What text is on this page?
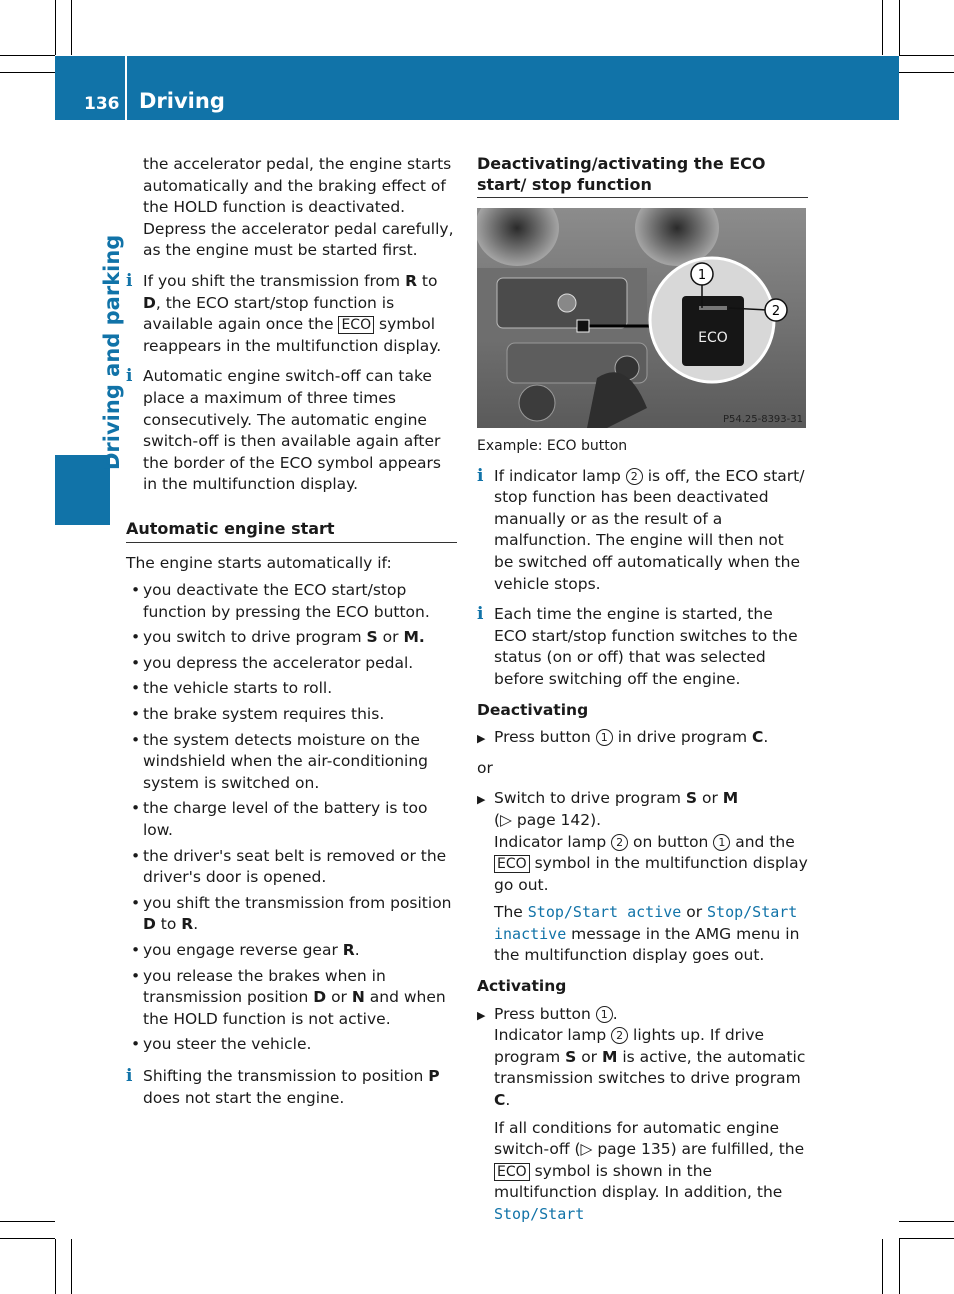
136 Driving
Driving and parking

the accelerator pedal, the engine starts automatically and the braking effect of the HOLD function is deactivated. Depress the accelerator pedal carefully, as the engine must be started first.

i If you shift the transmission from R to D, the ECO start/stop function is available again once the ECO symbol reappears in the multifunction display.
i Automatic engine switch-off can take place a maximum of three times consecutively. The automatic engine switch-off is then available again after the border of the ECO symbol appears in the multifunction display.
Automatic engine start

The engine starts automatically if:

• you deactivate the ECO start/stop function by pressing the ECO button.
• you switch to drive program S or M.
• you depress the accelerator pedal.
• the vehicle starts to roll.
• the brake system requires this.
• the system detects moisture on the windshield when the air-conditioning system is switched on.
• the charge level of the battery is too low.
• the driver's seat belt is removed or the driver's door is opened.
• you shift the transmission from position D to R.
• you engage reverse gear R.
• you release the brakes when in transmission position D or N and when the HOLD function is not active.
• you steer the vehicle.
i Shifting the transmission to position P does not start the engine.
Deactivating/activating the ECO start/ stop function
ECO
1
2
P54.25-8393-31

Example: ECO button

i If indicator lamp 2 is off, the ECO start/ stop function has been deactivated manually or as the result of a malfunction. The engine will then not be switched off automatically when the vehicle stops.
i Each time the engine is started, the ECO start/stop function switches to the status (on or off) that was selected before switching off the engine.

Deactivating

▶ Press button 1 in drive program C.

or

▶ Switch to drive program S or M
(▷ page 142).
Indicator lamp 2 on button 1 and the
ECO symbol in the multifunction display go out.
The Stop/Start active or Stop/Start inactive message in the AMG menu in the multifunction display goes out.

Activating

▶ Press button 1 .
Indicator lamp 2 lights up. If drive program S or M is active, the automatic transmission switches to drive program C.
If all conditions for automatic engine switch-off (▷ page 135) are fulfilled, the
ECO symbol is shown in the multifunction display. In addition, the Stop/Start
